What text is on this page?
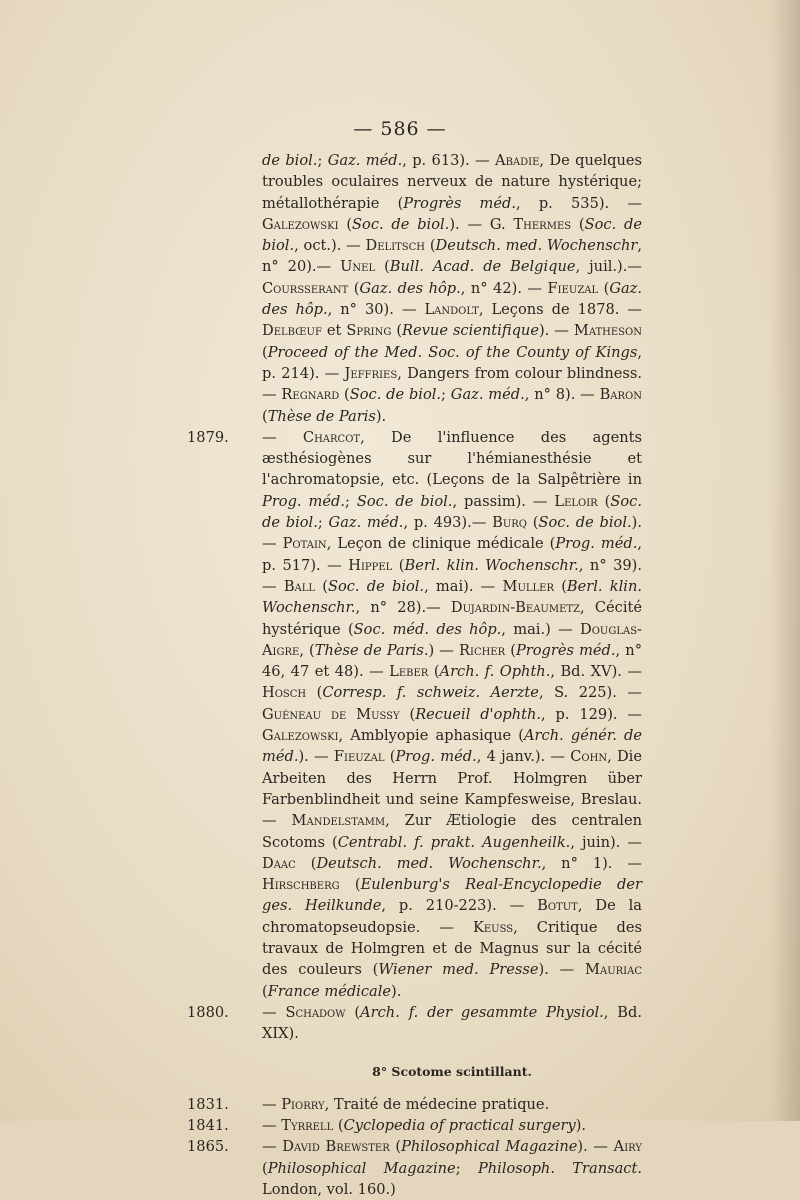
— 586 —
de biol.; Gaz. méd., p. 613). — Abadie, De quelques troubles oculaires nerveux de nature hystérique; métallothérapie (Progrès méd., p. 535). — Galezowski (Soc. de biol.). — G. Thermes (Soc. de biol., oct.). — Delitsch (Deutsch. med. Wochenschr, n° 20).— Unel (Bull. Acad. de Belgique, juil.).— Coursserant (Gaz. des hôp., n° 42). — Fieuzal (Gaz. des hôp., n° 30). — Landolt, Leçons de 1878. — Delbœuf et Spring (Revue scientifique). — Matheson (Proceed of the Med. Soc. of the County of Kings, p. 214). — Jeffries, Dangers from colour blindness. — Regnard (Soc. de biol.; Gaz. méd., n° 8). — Baron (Thèse de Paris).
1879.	— Charcot, De l'influence des agents æsthésiogènes sur l'hémianesthésie et l'achromatopsie, etc. (Leçons de la Salpêtrière in Prog. méd.; Soc. de biol., passim). — Leloir (Soc. de biol.; Gaz. méd., p. 493).— Burq (Soc. de biol.). — Potain, Leçon de clinique médicale (Prog. méd., p. 517). — Hippel (Berl. klin. Wochenschr., n° 39). — Ball (Soc. de biol., mai). — Muller (Berl. klin. Wochenschr., n° 28).— Dujardin-Beaumetz, Cécité hystérique (Soc. méd. des hôp., mai.) — Douglas-Aigre, (Thèse de Paris.) — Richer (Progrès méd., n° 46, 47 et 48). — Leber (Arch. f. Ophth., Bd. XV). — Hosch (Corresp. f. schweiz. Aerzte, S. 225). — Guéneau de Mussy (Recueil d'ophth., p. 129). — Galezowski, Amblyopie aphasique (Arch. génér. de méd.). — Fieuzal (Prog. méd., 4 janv.). — Cohn, Die Arbeiten des Herrn Prof. Holmgren über Farbenblindheit und seine Kampfesweise, Breslau. — Mandelstamm, Zur Ætiologie des centralen Scotoms (Centrabl. f. prakt. Augenheilk., juin). — Daac (Deutsch. med. Wochenschr., n° 1). — Hirschberg (Eulenburg's Real-Encyclopedie der ges. Heilkunde, p. 210-223). — Botut, De la chromatopseudopsie. — Keuss, Critique des travaux de Holmgren et de Magnus sur la cécité des couleurs (Wiener med. Presse). — Mauriac (France médicale).
1880.	— Schadow (Arch. f. der gesammte Physiol., Bd. XIX).
8° Scotome scintillant.
1831.	— Piorry, Traité de médecine pratique.
1841.	— Tyrrell (Cyclopedia of practical surgery).
1865.	— David Brewster (Philosophical Magazine). — Airy (Philosophical Magazine; Philosoph. Transact. London, vol. 160.)
